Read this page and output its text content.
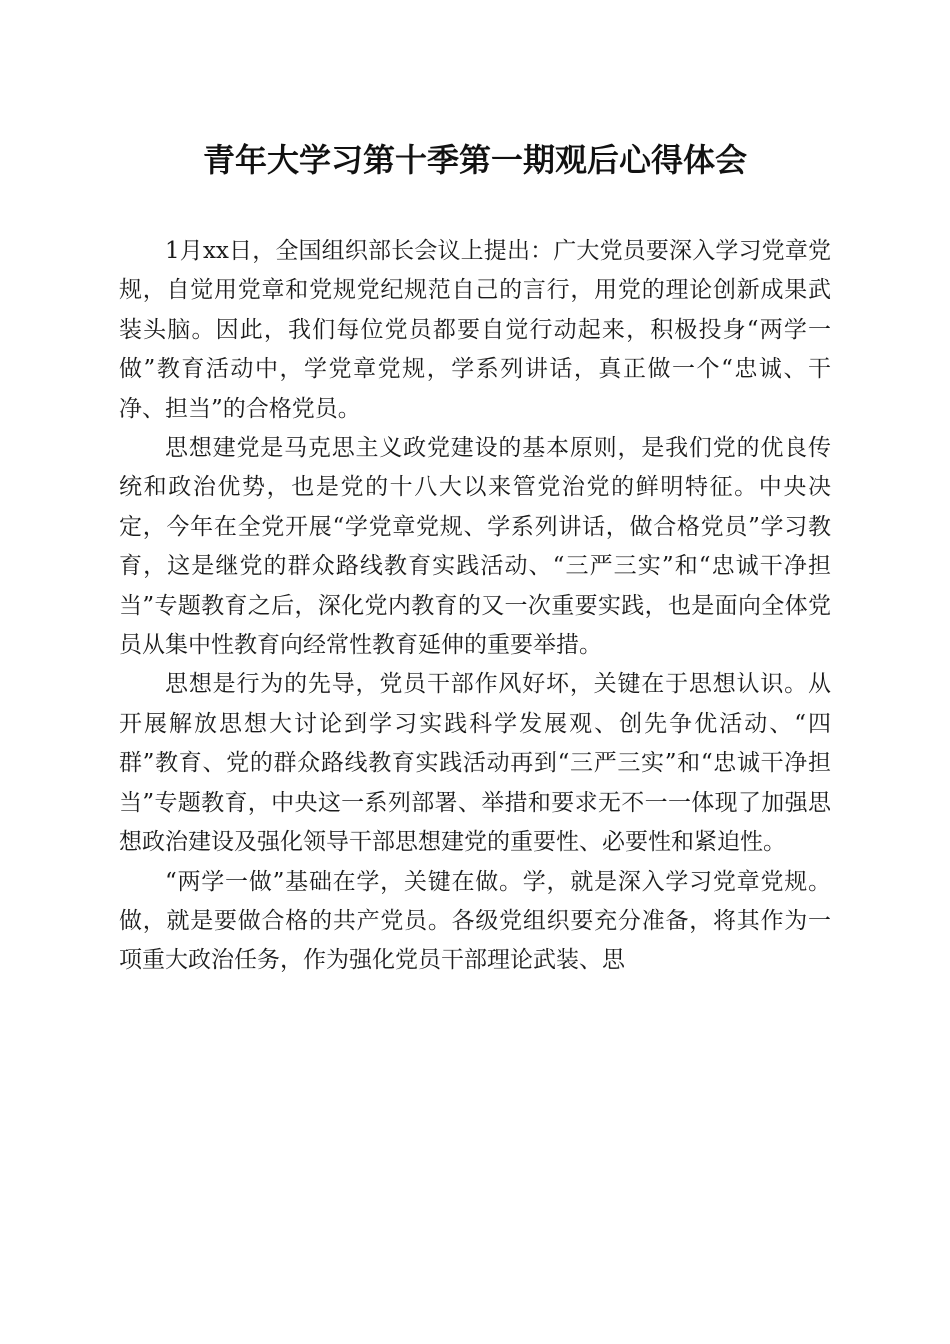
青年大学习第十季第一期观后心得体会

1月xx日，全国组织部长会议上提出：广大党员要深入学习党章党规，自觉用党章和党规党纪规范自己的言行，用党的理论创新成果武装头脑。因此，我们每位党员都要自觉行动起来，积极投身“两学一做”教育活动中，学党章党规，学系列讲话，真正做一个“忠诚、干净、担当”的合格党员。

思想建党是马克思主义政党建设的基本原则，是我们党的优良传统和政治优势，也是党的十八大以来管党治党的鲜明特征。中央决定，今年在全党开展“学党章党规、学系列讲话，做合格党员”学习教育，这是继党的群众路线教育实践活动、“三严三实”和“忠诚干净担当”专题教育之后，深化党内教育的又一次重要实践，也是面向全体党员从集中性教育向经常性教育延伸的重要举措。

思想是行为的先导，党员干部作风好坏，关键在于思想认识。从开展解放思想大讨论到学习实践科学发展观、创先争优活动、“四群”教育、党的群众路线教育实践活动再到“三严三实”和“忠诚干净担当”专题教育，中央这一系列部署、举措和要求无不一一体现了加强思想政治建设及强化领导干部思想建党的重要性、必要性和紧迫性。

“两学一做”基础在学，关键在做。学，就是深入学习党章党规。做，就是要做合格的共产党员。各级党组织要充分准备，将其作为一项重大政治任务，作为强化党员干部理论武装、思
